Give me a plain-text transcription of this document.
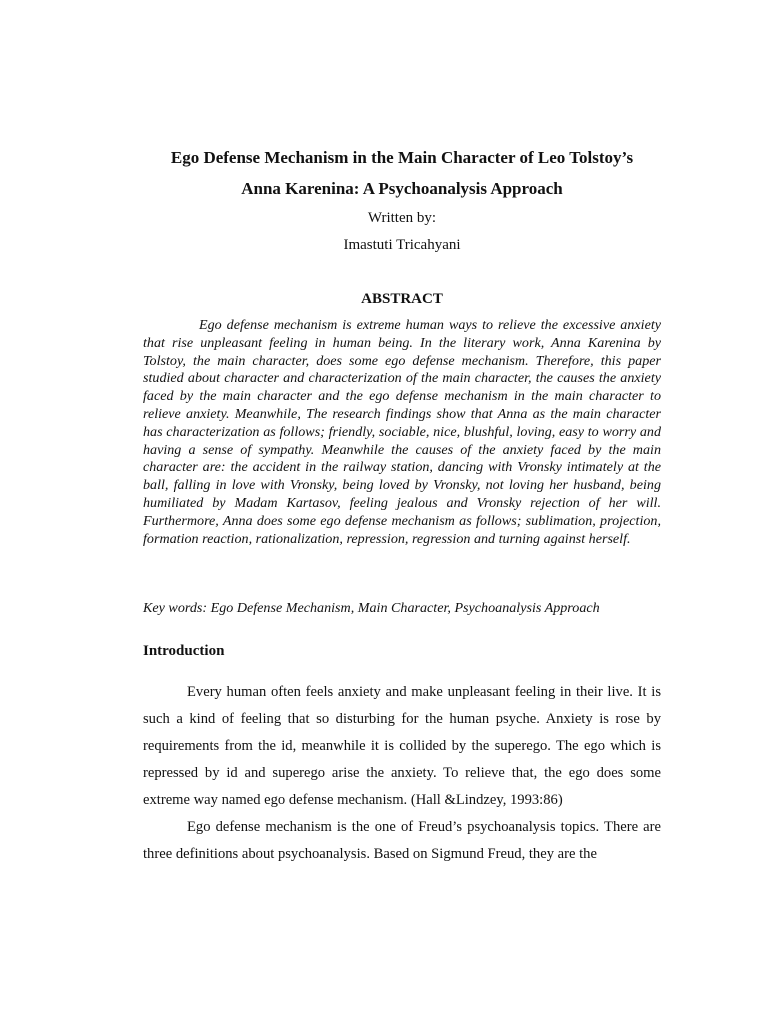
Ego Defense Mechanism in the Main Character of Leo Tolstoy’s
Anna Karenina: A Psychoanalysis Approach
Written by:
Imastuti Tricahyani
ABSTRACT

Ego defense mechanism is extreme human ways to relieve the excessive anxiety that rise unpleasant feeling in human being. In the literary work, Anna Karenina by Tolstoy, the main character, does some ego defense mechanism. Therefore, this paper studied about character and characterization of the main character, the causes the anxiety faced by the main character and the ego defense mechanism in the main character to relieve anxiety. Meanwhile, The research findings show that Anna as the main character has characterization as follows; friendly, sociable, nice, blushful, loving, easy to worry and having a sense of sympathy. Meanwhile the causes of the anxiety faced by the main character are: the accident in the railway station, dancing with Vronsky intimately at the ball, falling in love with Vronsky, being loved by Vronsky, not loving her husband, being humiliated by Madam Kartasov, feeling jealous and Vronsky rejection of her will. Furthermore, Anna does some ego defense mechanism as follows; sublimation, projection, formation reaction, rationalization, repression, regression and turning against herself.

Key words: Ego Defense Mechanism, Main Character, Psychoanalysis Approach

Introduction

Every human often feels anxiety and make unpleasant feeling in their live. It is such a kind of feeling that so disturbing for the human psyche. Anxiety is rose by requirements from the id, meanwhile it is collided by the superego. The ego which is repressed by id and superego arise the anxiety. To relieve that, the ego does some extreme way named ego defense mechanism. (Hall &Lindzey, 1993:86)

Ego defense mechanism is the one of Freud’s psychoanalysis topics. There are three definitions about psychoanalysis. Based on Sigmund Freud, they are the
